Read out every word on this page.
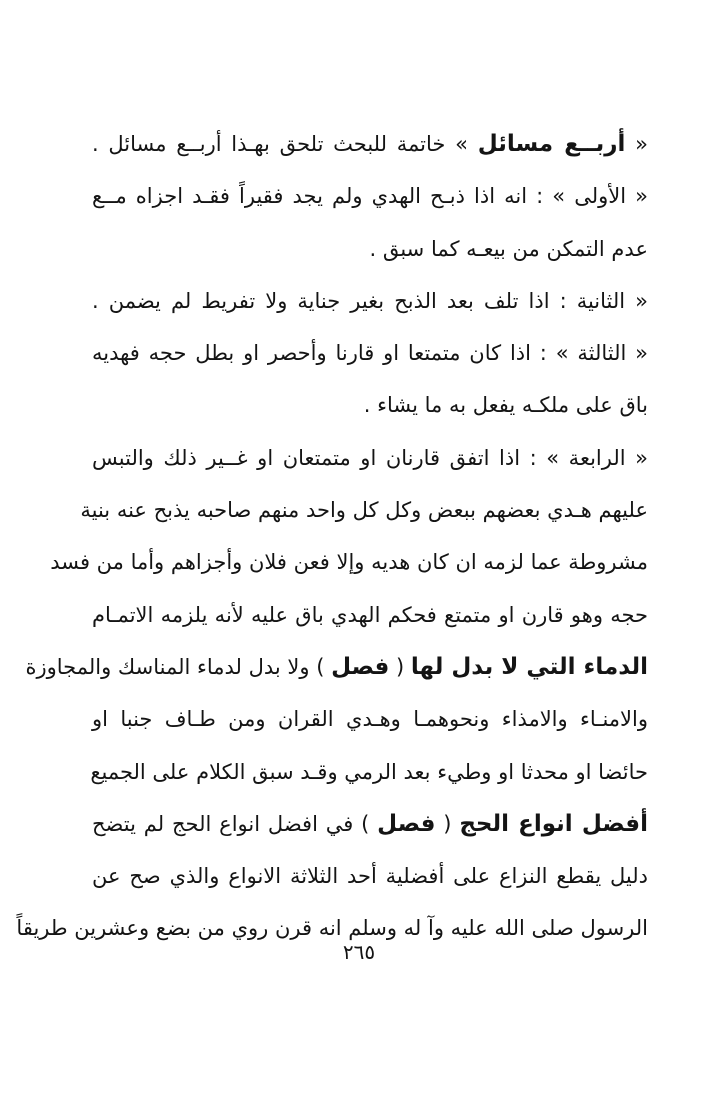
« أربــع مسائل » خاتمة للبحث تلحق بهـذا أربــع مسائل .
« الأولى » : انه اذا ذبـح الهدي ولم يجد فقيراً فقـد اجزاه مــع
عدم التمكن من بيعـه كما سبق .
« الثانية : اذا تلف بعد الذبح بغير جناية ولا تفريط لم يضمن .
« الثالثة » : اذا كان متمتعا او قارنا وأحصر او بطل حجه فهديه
باق على ملكـه يفعل به ما يشاء .
« الرابعة » : اذا اتفق قارنان او متمتعان او غــير ذلك والتبس
عليهم هـدي بعضهم ببعض وكل كل واحد منهم صاحبه يذبح عنه بنية
مشروطة عما لزمه ان كان هديه وإلا فعن فلان وأجزاهم وأما من فسد
حجه وهو قارن او متمتع فحكم الهدي باق عليه لأنه يلزمه الاتمـام
الدماء التي لا بدل لها ( فصل ) ولا بدل لدماء المناسك والمجاوزة
والامنـاء والامذاء ونحوهمـا وهـدي القران ومن طـاف جنبا او
حائضا او محدثا او وطيء بعد الرمي وقـد سبق الكلام على الجميع
أفضل انواع الحج ( فصل ) في افضل انواع الحج لم يتضح
دليل يقطع النزاع على أفضلية أحد الثلاثة الانواع والذي صح عن
الرسول صلى الله عليه وآ له وسلم انه قرن روي من بضع وعشرين طريقاً
٢٦٥
